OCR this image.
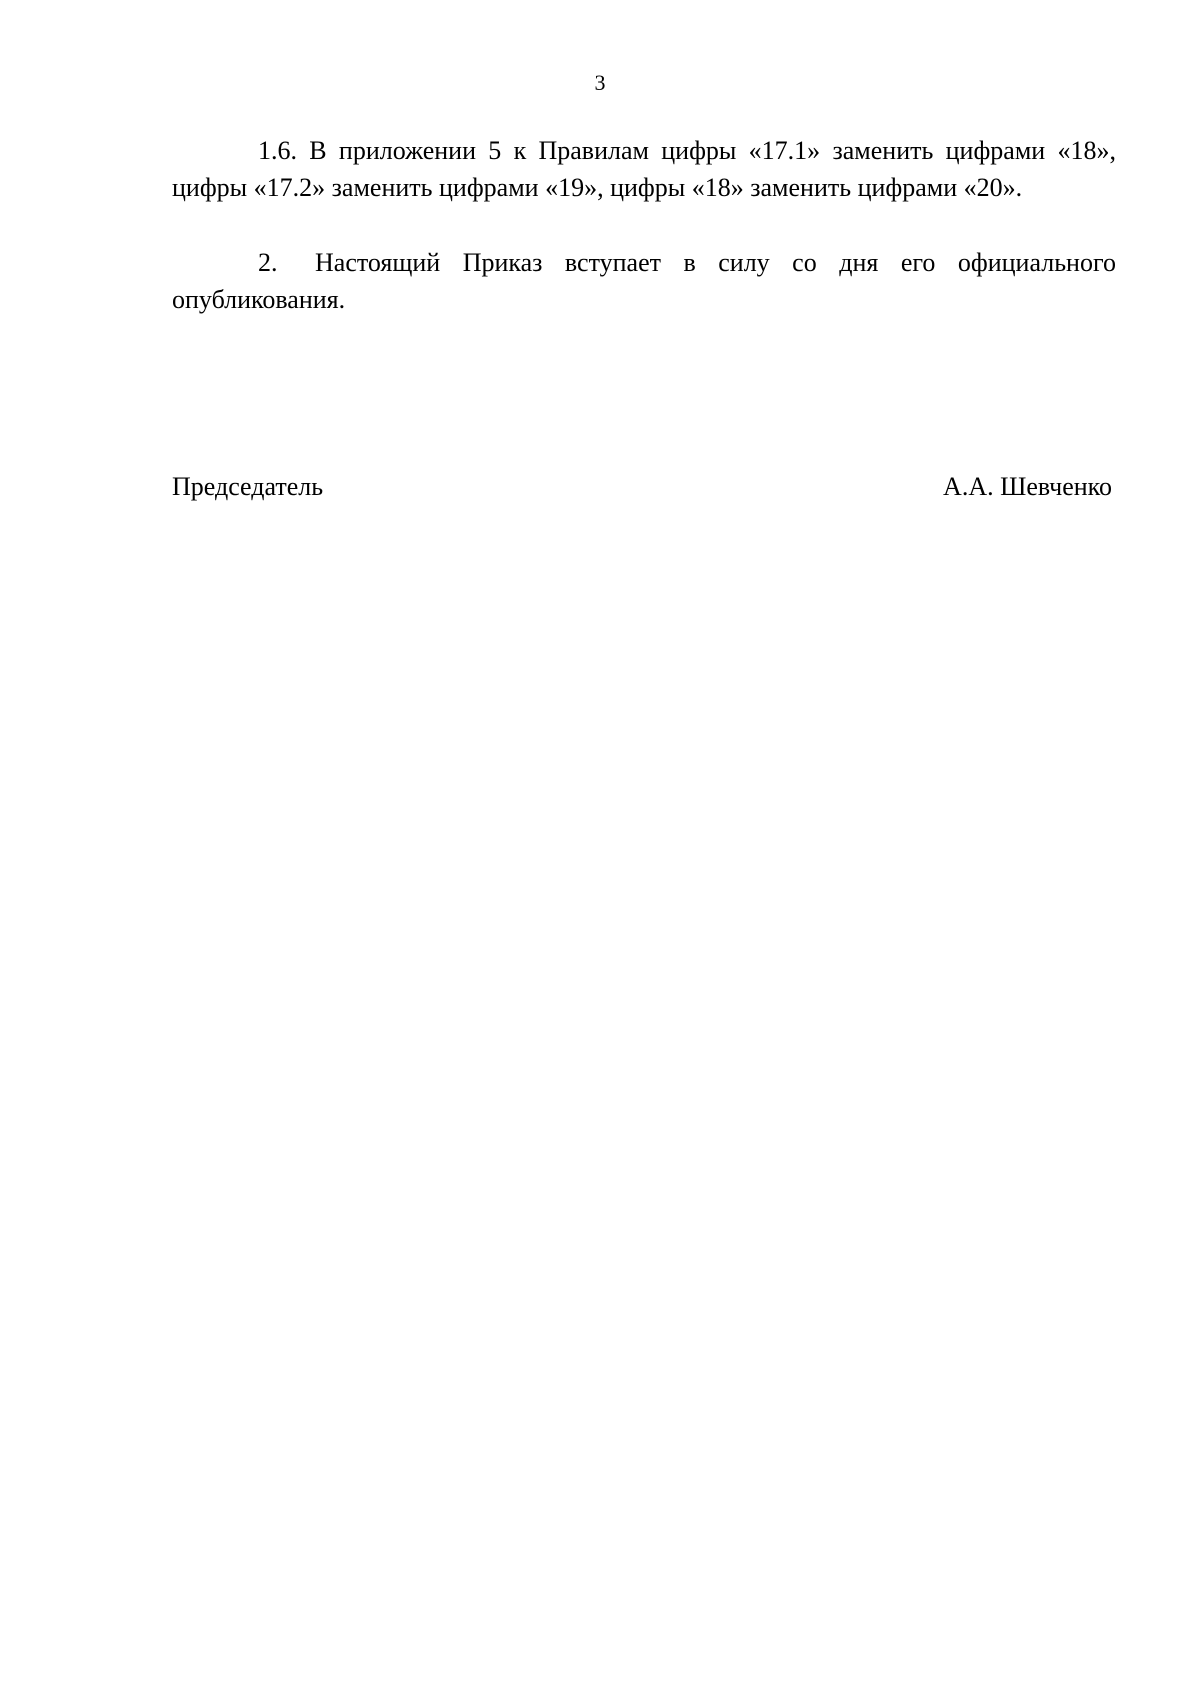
3

1.6. В приложении 5 к Правилам цифры «17.1» заменить цифрами «18», цифры «17.2» заменить цифрами «19», цифры «18» заменить цифрами «20».

2. Настоящий Приказ вступает в силу со дня его официального опубликования.

Председатель	А.А. Шевченко
